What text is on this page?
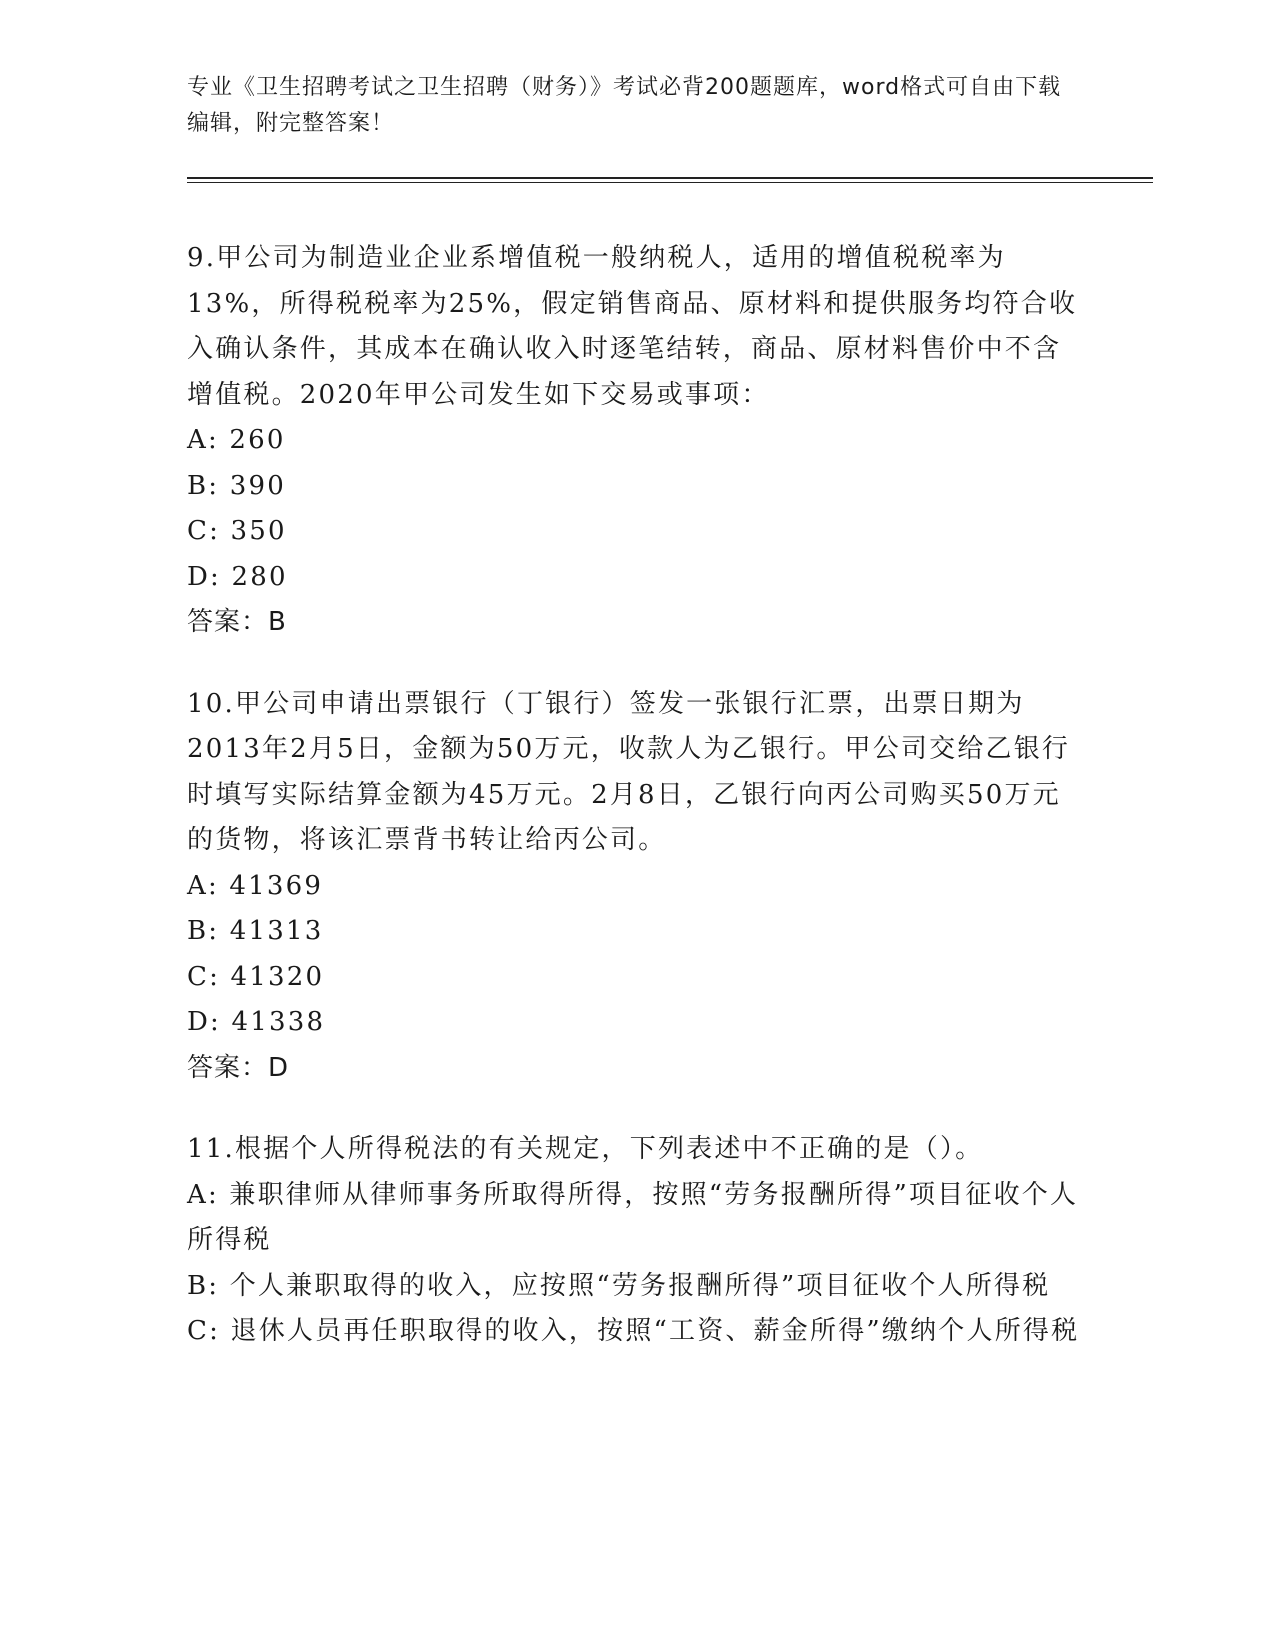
专业《卫生招聘考试之卫生招聘（财务）》考试必背200题题库，word格式可自由下载编辑，附完整答案！

9.甲公司为制造业企业系增值税一般纳税人，适用的增值税税率为13%，所得税税率为25%，假定销售商品、原材料和提供服务均符合收入确认条件，其成本在确认收入时逐笔结转，商品、原材料售价中不含增值税。2020年甲公司发生如下交易或事项：

A: 260

B: 390

C: 350

D: 280

答案：B

10.甲公司申请出票银行（丁银行）签发一张银行汇票，出票日期为2013年2月5日，金额为50万元，收款人为乙银行。甲公司交给乙银行时填写实际结算金额为45万元。2月8日，乙银行向丙公司购买50万元的货物，将该汇票背书转让给丙公司。

A: 41369

B: 41313

C: 41320

D: 41338

答案：D

11.根据个人所得税法的有关规定，下列表述中不正确的是（）。

A: 兼职律师从律师事务所取得所得，按照“劳务报酬所得”项目征收个人所得税

B: 个人兼职取得的收入，应按照“劳务报酬所得”项目征收个人所得税

C: 退休人员再任职取得的收入，按照“工资、薪金所得”缴纳个人所得税
